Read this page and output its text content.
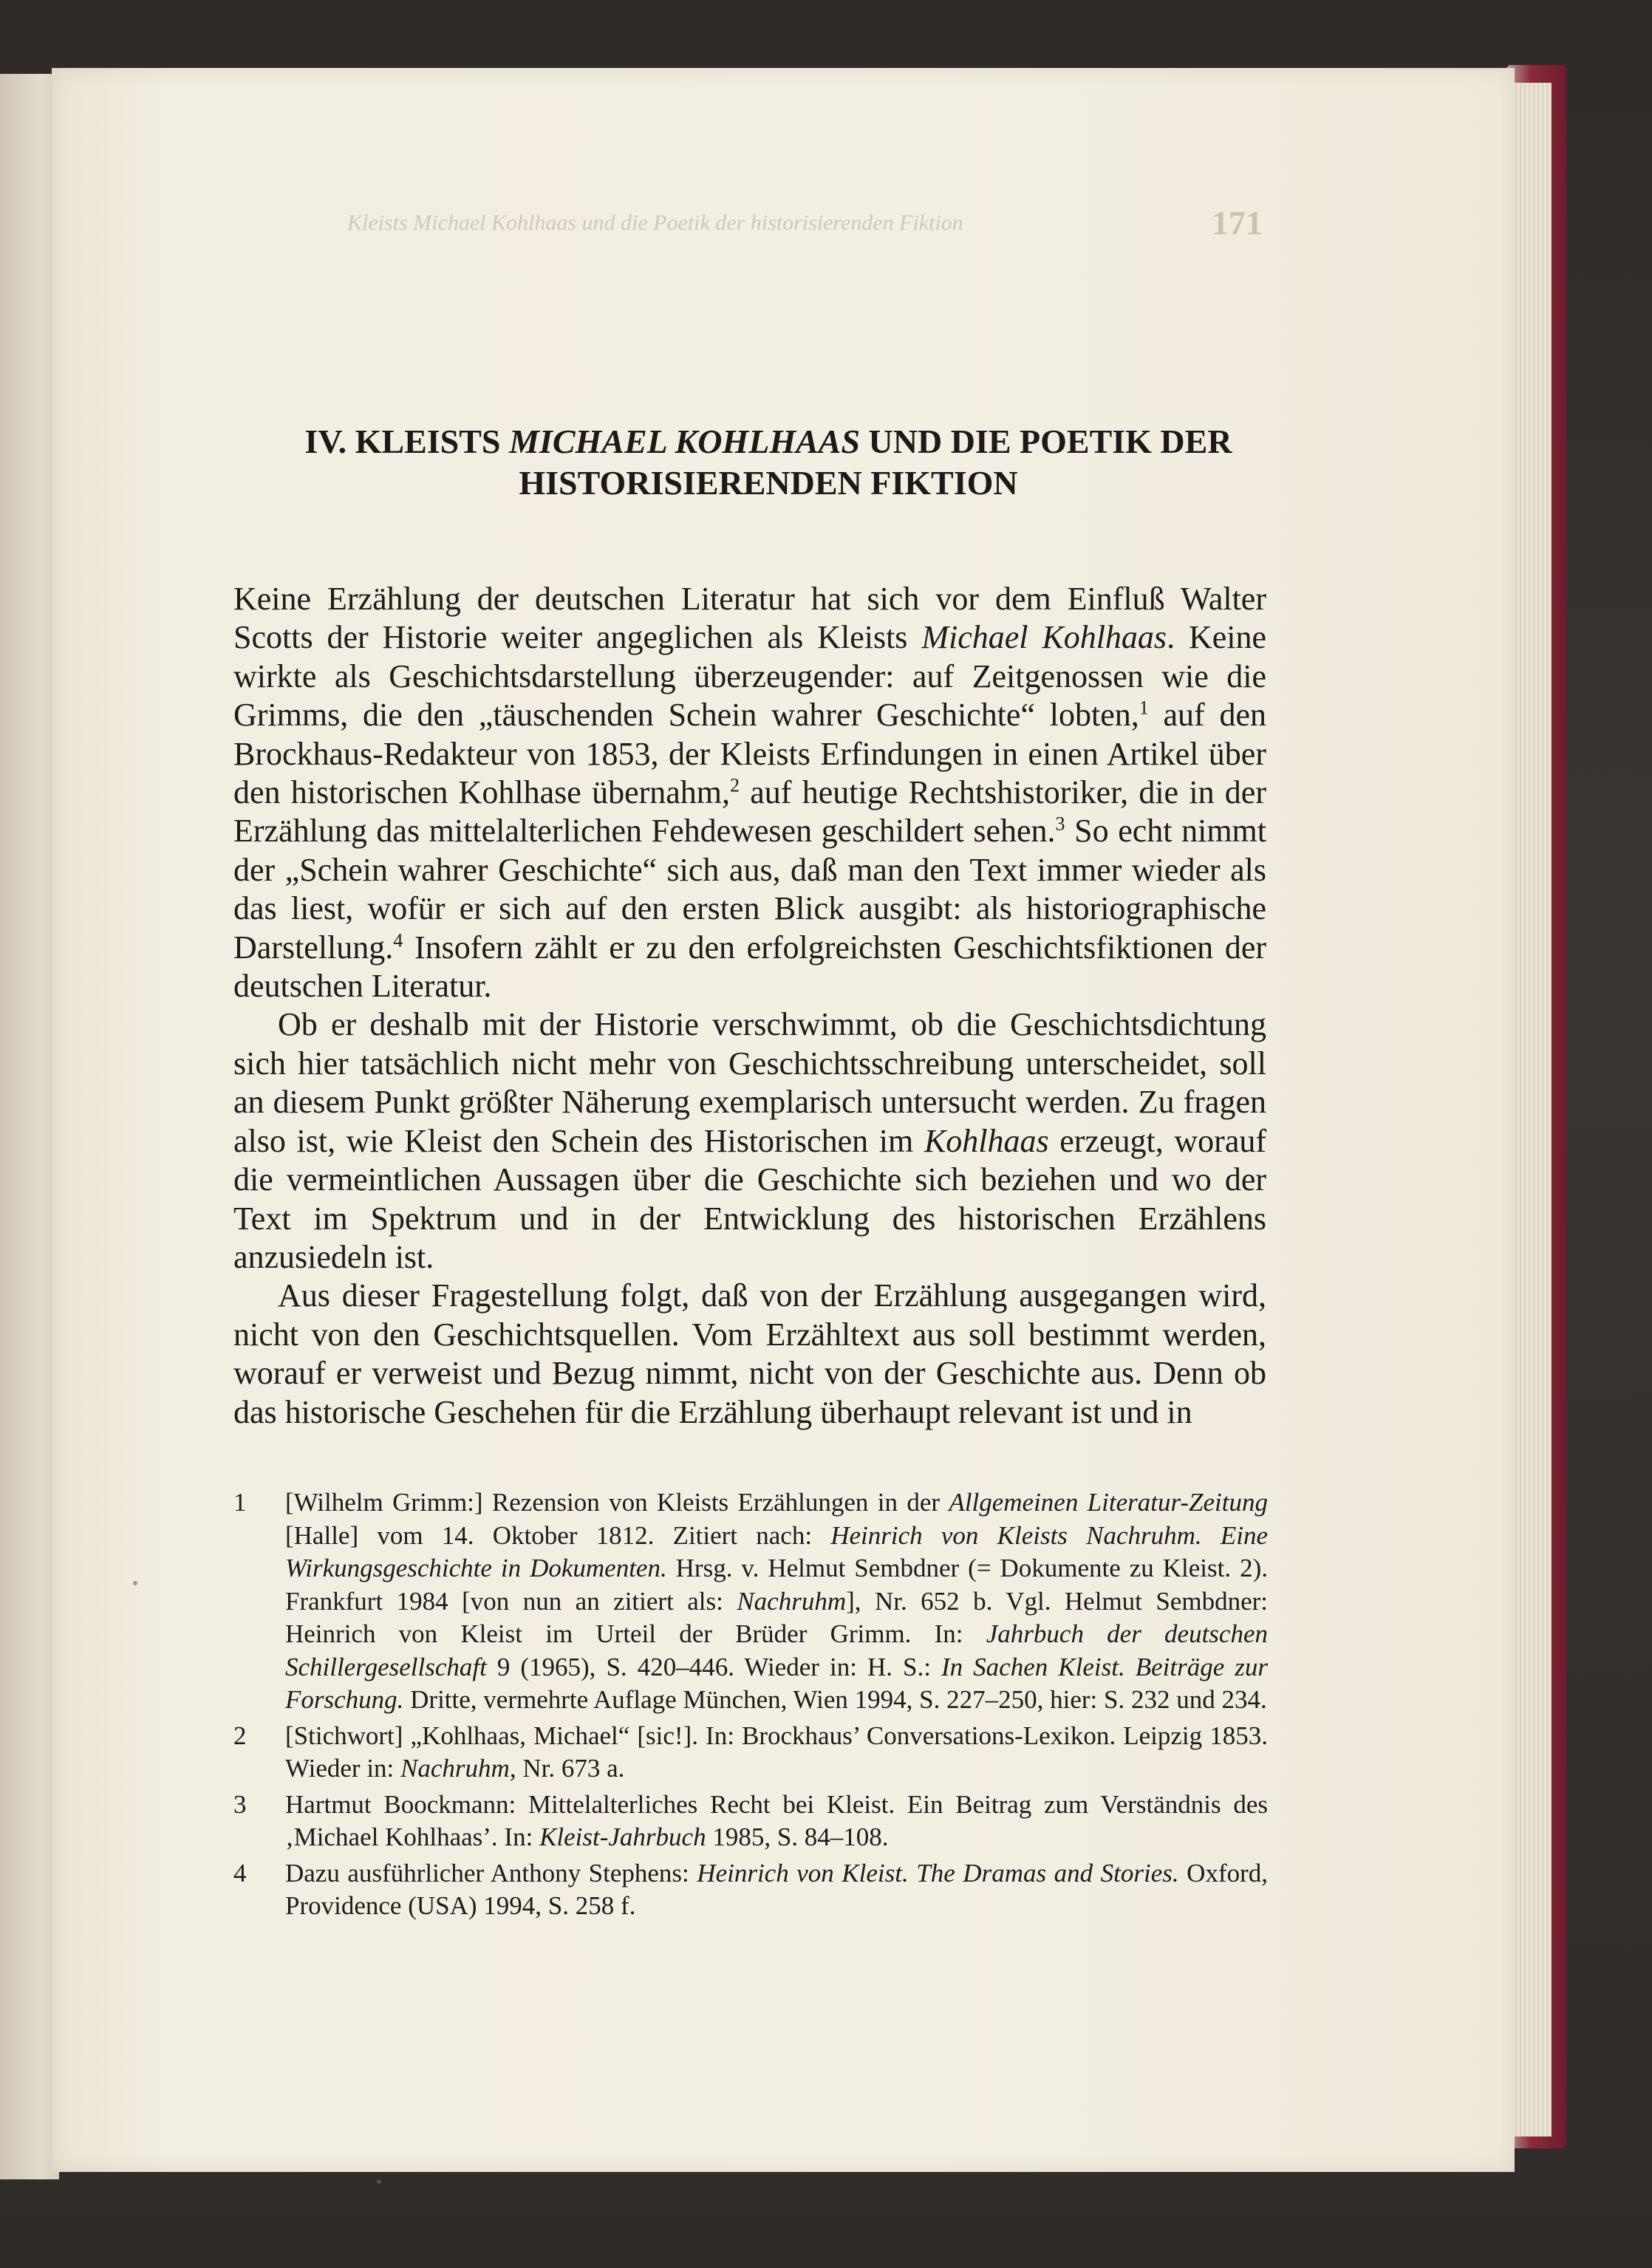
Kleists Michael Kohlhaas und die Poetik der historisierenden Fiktion	171
IV. KLEISTS MICHAEL KOHLHAAS UND DIE POETIK DER
HISTORISIERENDEN FIKTION

Keine Erzählung der deutschen Literatur hat sich vor dem Einfluß Walter Scotts der Historie weiter angeglichen als Kleists Michael Kohlhaas. Keine wirkte als Geschichtsdarstellung überzeugender: auf Zeitgenossen wie die Grimms, die den „täuschenden Schein wahrer Geschichte“ lobten,$^1$ auf den Brockhaus-Redakteur von 1853, der Kleists Erfindungen in einen Artikel über den historischen Kohlhase übernahm,$^2$ auf heutige Rechtshistoriker, die in der Erzählung das mittelalterlichen Fehdewesen geschildert sehen.$^3$ So echt nimmt der „Schein wahrer Geschichte“ sich aus, daß man den Text immer wieder als das liest, wofür er sich auf den ersten Blick ausgibt: als historiographische Darstellung.$^4$ Insofern zählt er zu den erfolgreichsten Geschichtsfiktionen der deutschen Literatur.

Ob er deshalb mit der Historie verschwimmt, ob die Geschichtsdichtung sich hier tatsächlich nicht mehr von Geschichtsschreibung unterscheidet, soll an diesem Punkt größter Näherung exemplarisch untersucht werden. Zu fragen also ist, wie Kleist den Schein des Historischen im Kohlhaas erzeugt, worauf die vermeintlichen Aussagen über die Geschichte sich beziehen und wo der Text im Spektrum und in der Entwicklung des historischen Erzählens anzusiedeln ist.

Aus dieser Fragestellung folgt, daß von der Erzählung ausgegangen wird, nicht von den Geschichtsquellen. Vom Erzähltext aus soll bestimmt werden, worauf er verweist und Bezug nimmt, nicht von der Geschichte aus. Denn ob das historische Geschehen für die Erzählung überhaupt relevant ist und in

1	[Wilhelm Grimm:] Rezension von Kleists Erzählungen in der Allgemeinen Literatur-Zeitung [Halle] vom 14. Oktober 1812. Zitiert nach: Heinrich von Kleists Nachruhm. Eine Wirkungsgeschichte in Dokumenten. Hrsg. v. Helmut Sembdner (= Dokumente zu Kleist. 2). Frankfurt 1984 [von nun an zitiert als: Nachruhm], Nr. 652 b. Vgl. Helmut Sembdner: Heinrich von Kleist im Urteil der Brüder Grimm. In: Jahrbuch der deutschen Schillergesellschaft 9 (1965), S. 420–446. Wieder in: H. S.: In Sachen Kleist. Beiträge zur Forschung. Dritte, vermehrte Auflage München, Wien 1994, S. 227–250, hier: S. 232 und 234.
2	[Stichwort] „Kohlhaas, Michael“ [sic!]. In: Brockhaus’ Conversations-Lexikon. Leipzig 1853. Wieder in: Nachruhm, Nr. 673 a.
3	Hartmut Boockmann: Mittelalterliches Recht bei Kleist. Ein Beitrag zum Verständnis des ‚Michael Kohlhaas’. In: Kleist-Jahrbuch 1985, S. 84–108.
4	Dazu ausführlicher Anthony Stephens: Heinrich von Kleist. The Dramas and Stories. Oxford, Providence (USA) 1994, S. 258 f.
